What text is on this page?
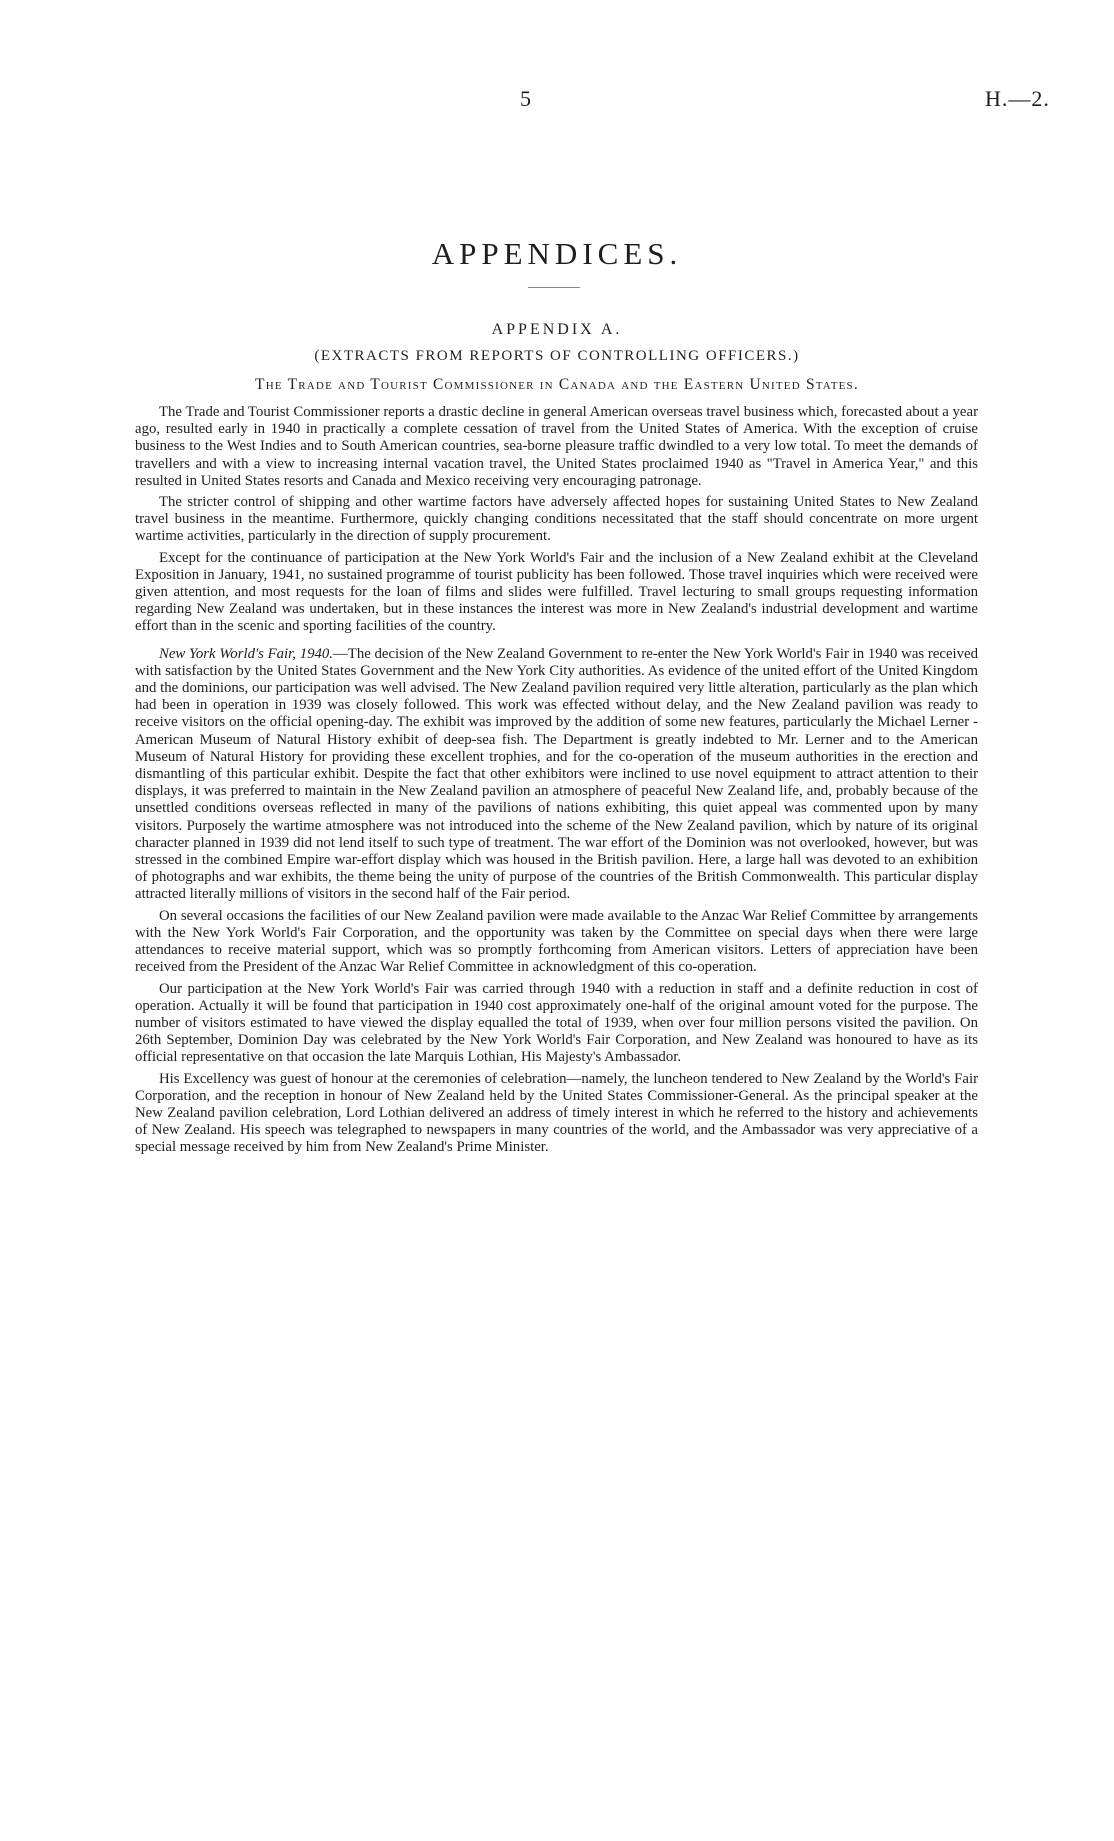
5	H.—2.
APPENDICES.
APPENDIX A.
(EXTRACTS FROM REPORTS OF CONTROLLING OFFICERS.)
The Trade and Tourist Commissioner in Canada and the Eastern United States.

The Trade and Tourist Commissioner reports a drastic decline in general American overseas travel business which, forecasted about a year ago, resulted early in 1940 in practically a complete cessation of travel from the United States of America. With the exception of cruise business to the West Indies and to South American countries, sea-borne pleasure traffic dwindled to a very low total. To meet the demands of travellers and with a view to increasing internal vacation travel, the United States proclaimed 1940 as "Travel in America Year," and this resulted in United States resorts and Canada and Mexico receiving very encouraging patronage.

The stricter control of shipping and other wartime factors have adversely affected hopes for sustaining United States to New Zealand travel business in the meantime. Furthermore, quickly changing conditions necessitated that the staff should concentrate on more urgent wartime activities, particularly in the direction of supply procurement.

Except for the continuance of participation at the New York World's Fair and the inclusion of a New Zealand exhibit at the Cleveland Exposition in January, 1941, no sustained programme of tourist publicity has been followed. Those travel inquiries which were received were given attention, and most requests for the loan of films and slides were fulfilled. Travel lecturing to small groups requesting information regarding New Zealand was undertaken, but in these instances the interest was more in New Zealand's industrial development and wartime effort than in the scenic and sporting facilities of the country.

New York World's Fair, 1940.—The decision of the New Zealand Government to re-enter the New York World's Fair in 1940 was received with satisfaction by the United States Government and the New York City authorities. As evidence of the united effort of the United Kingdom and the dominions, our participation was well advised. The New Zealand pavilion required very little alteration, particularly as the plan which had been in operation in 1939 was closely followed. This work was effected without delay, and the New Zealand pavilion was ready to receive visitors on the official opening-day. The exhibit was improved by the addition of some new features, particularly the Michael Lerner - American Museum of Natural History exhibit of deep-sea fish. The Department is greatly indebted to Mr. Lerner and to the American Museum of Natural History for providing these excellent trophies, and for the co-operation of the museum authorities in the erection and dismantling of this particular exhibit. Despite the fact that other exhibitors were inclined to use novel equipment to attract attention to their displays, it was preferred to maintain in the New Zealand pavilion an atmosphere of peaceful New Zealand life, and, probably because of the unsettled conditions overseas reflected in many of the pavilions of nations exhibiting, this quiet appeal was commented upon by many visitors. Purposely the wartime atmosphere was not introduced into the scheme of the New Zealand pavilion, which by nature of its original character planned in 1939 did not lend itself to such type of treatment. The war effort of the Dominion was not overlooked, however, but was stressed in the combined Empire war-effort display which was housed in the British pavilion. Here, a large hall was devoted to an exhibition of photographs and war exhibits, the theme being the unity of purpose of the countries of the British Commonwealth. This particular display attracted literally millions of visitors in the second half of the Fair period.

On several occasions the facilities of our New Zealand pavilion were made available to the Anzac War Relief Committee by arrangements with the New York World's Fair Corporation, and the opportunity was taken by the Committee on special days when there were large attendances to receive material support, which was so promptly forthcoming from American visitors. Letters of appreciation have been received from the President of the Anzac War Relief Committee in acknowledgment of this co-operation.

Our participation at the New York World's Fair was carried through 1940 with a reduction in staff and a definite reduction in cost of operation. Actually it will be found that participation in 1940 cost approximately one-half of the original amount voted for the purpose. The number of visitors estimated to have viewed the display equalled the total of 1939, when over four million persons visited the pavilion. On 26th September, Dominion Day was celebrated by the New York World's Fair Corporation, and New Zealand was honoured to have as its official representative on that occasion the late Marquis Lothian, His Majesty's Ambassador.

His Excellency was guest of honour at the ceremonies of celebration—namely, the luncheon tendered to New Zealand by the World's Fair Corporation, and the reception in honour of New Zealand held by the United States Commissioner-General. As the principal speaker at the New Zealand pavilion celebration, Lord Lothian delivered an address of timely interest in which he referred to the history and achievements of New Zealand. His speech was telegraphed to newspapers in many countries of the world, and the Ambassador was very appreciative of a special message received by him from New Zealand's Prime Minister.
